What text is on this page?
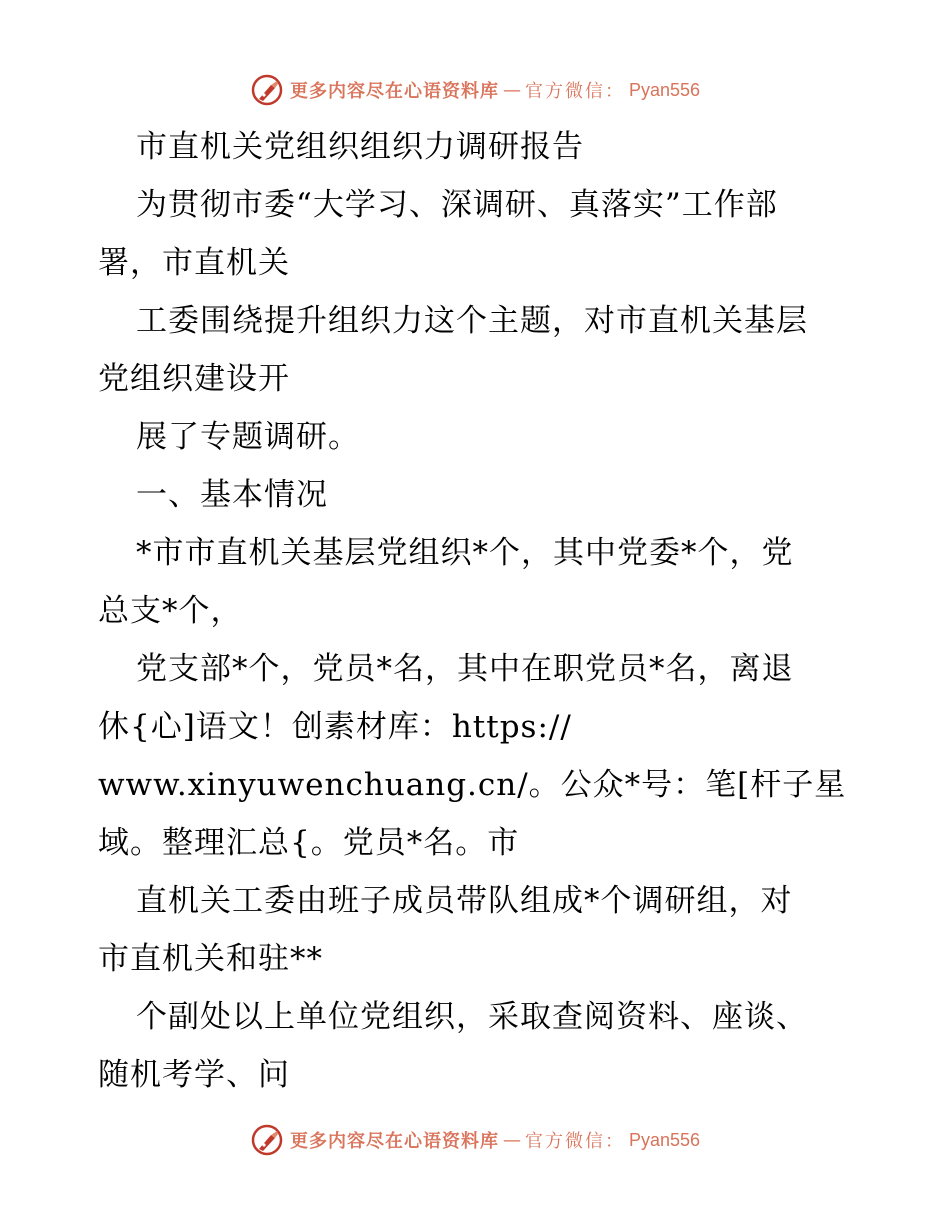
更多内容尽在心语资料库 — 官方微信： Pyan556
市直机关党组织组织力调研报告
为贯彻市委“大学习、深调研、真落实”工作部
署，市直机关
工委围绕提升组织力这个主题，对市直机关基层
党组织建设开
展了专题调研。
一、基本情况
*市市直机关基层党组织*个，其中党委*个，党
总支*个，
党支部*个，党员*名，其中在职党员*名，离退
休{心]语文！创素材库：https://
www.xinyuwenchuang.cn/。公众*号：笔[杆子星
域。整理汇总{。党员*名。市
直机关工委由班子成员带队组成*个调研组，对
市直机关和驻**
个副处以上单位党组织，采取查阅资料、座谈、
随机考学、问
更多内容尽在心语资料库 — 官方微信： Pyan556
